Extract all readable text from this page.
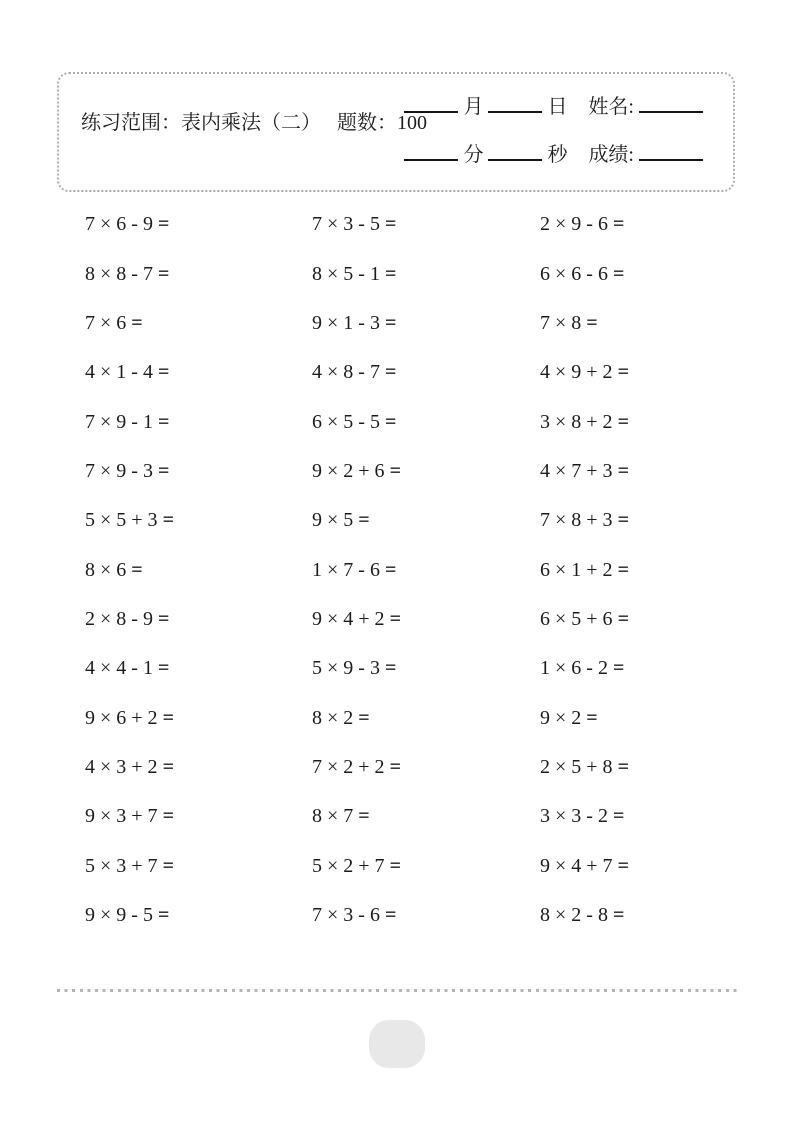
练习范围：表内乘法（二） 题数：100
月	日 姓名:
分	秒 成绩:
7 × 6 - 9 =	7 × 3 - 5 =	2 × 9 - 6 =
8 × 8 - 7 =	8 × 5 - 1 =	6 × 6 - 6 =
7 × 6 =	9 × 1 - 3 =	7 × 8 =
4 × 1 - 4 =	4 × 8 - 7 =	4 × 9 + 2 =
7 × 9 - 1 =	6 × 5 - 5 =	3 × 8 + 2 =
7 × 9 - 3 =	9 × 2 + 6 =	4 × 7 + 3 =
5 × 5 + 3 =	9 × 5 =	7 × 8 + 3 =
8 × 6 =	1 × 7 - 6 =	6 × 1 + 2 =
2 × 8 - 9 =	9 × 4 + 2 =	6 × 5 + 6 =
4 × 4 - 1 =	5 × 9 - 3 =	1 × 6 - 2 =
9 × 6 + 2 =	8 × 2 =	9 × 2 =
4 × 3 + 2 =	7 × 2 + 2 =	2 × 5 + 8 =
9 × 3 + 7 =	8 × 7 =	3 × 3 - 2 =
5 × 3 + 7 =	5 × 2 + 7 =	9 × 4 + 7 =
9 × 9 - 5 =	7 × 3 - 6 =	8 × 2 - 8 =
